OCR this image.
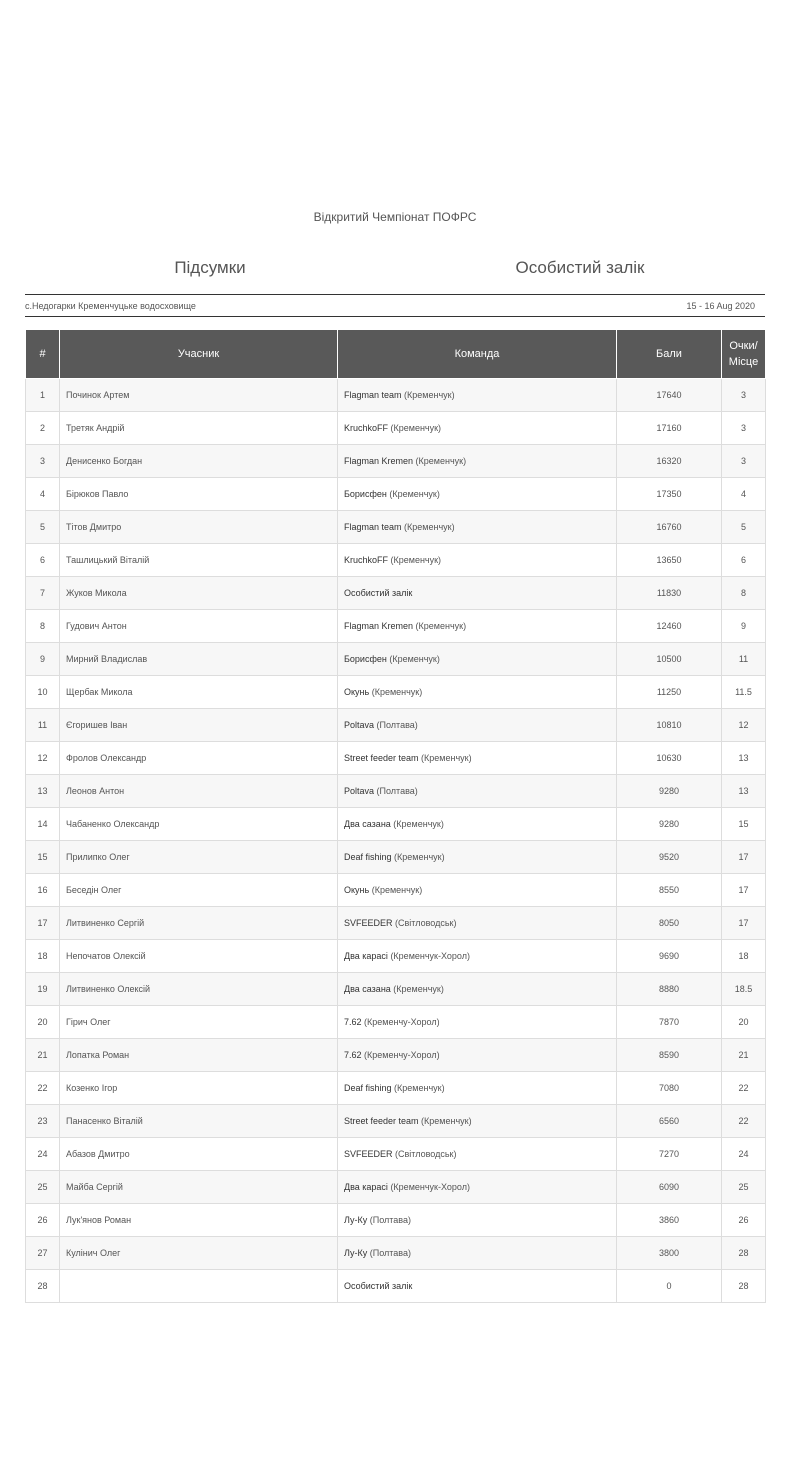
Відкритий Чемпіонат ПОФРС
Підсумки	Особистий залік
с.Недогарки Кременчуцьке водосховище	15 - 16 Aug 2020
#	Учасник	Команда	Бали	Очки/
Місце
1	Починок Артем	Flagman team (Кременчук)	17640	3
2	Третяк Андрій	KruchkoFF (Кременчук)	17160	3
3	Денисенко Богдан	Flagman Kremen (Кременчук)	16320	3
4	Бірюков Павло	Борисфен (Кременчук)	17350	4
5	Тітов Дмитро	Flagman team (Кременчук)	16760	5
6	Ташлицький Віталій	KruchkoFF (Кременчук)	13650	6
7	Жуков Микола	Особистий залік	11830	8
8	Гудович Антон	Flagman Kremen (Кременчук)	12460	9
9	Мирний Владислав	Борисфен (Кременчук)	10500	11
10	Щербак Микола	Окунь (Кременчук)	11250	11.5
11	Єгоришев Іван	Poltava (Полтава)	10810	12
12	Фролов Олександр	Street feeder team (Кременчук)	10630	13
13	Леонов Антон	Poltava (Полтава)	9280	13
14	Чабаненко Олександр	Два сазана (Кременчук)	9280	15
15	Прилипко Олег	Deaf fishing (Кременчук)	9520	17
16	Беседін Олег	Окунь (Кременчук)	8550	17
17	Литвиненко Сергій	SVFEEDER (Світловодськ)	8050	17
18	Непочатов Олексій	Два карасі (Кременчук-Хорол)	9690	18
19	Литвиненко Олексій	Два сазана (Кременчук)	8880	18.5
20	Гірич Олег	7.62 (Кременчу-Хорол)	7870	20
21	Лопатка Роман	7.62 (Кременчу-Хорол)	8590	21
22	Козенко Ігор	Deaf fishing (Кременчук)	7080	22
23	Панасенко Віталій	Street feeder team (Кременчук)	6560	22
24	Абазов Дмитро	SVFEEDER (Світловодськ)	7270	24
25	Майба Сергій	Два карасі (Кременчук-Хорол)	6090	25
26	Лук'янов Роман	Лу-Ку (Полтава)	3860	26
27	Кулінич Олег	Лу-Ку (Полтава)	3800	28
28		Особистий залік	0	28
